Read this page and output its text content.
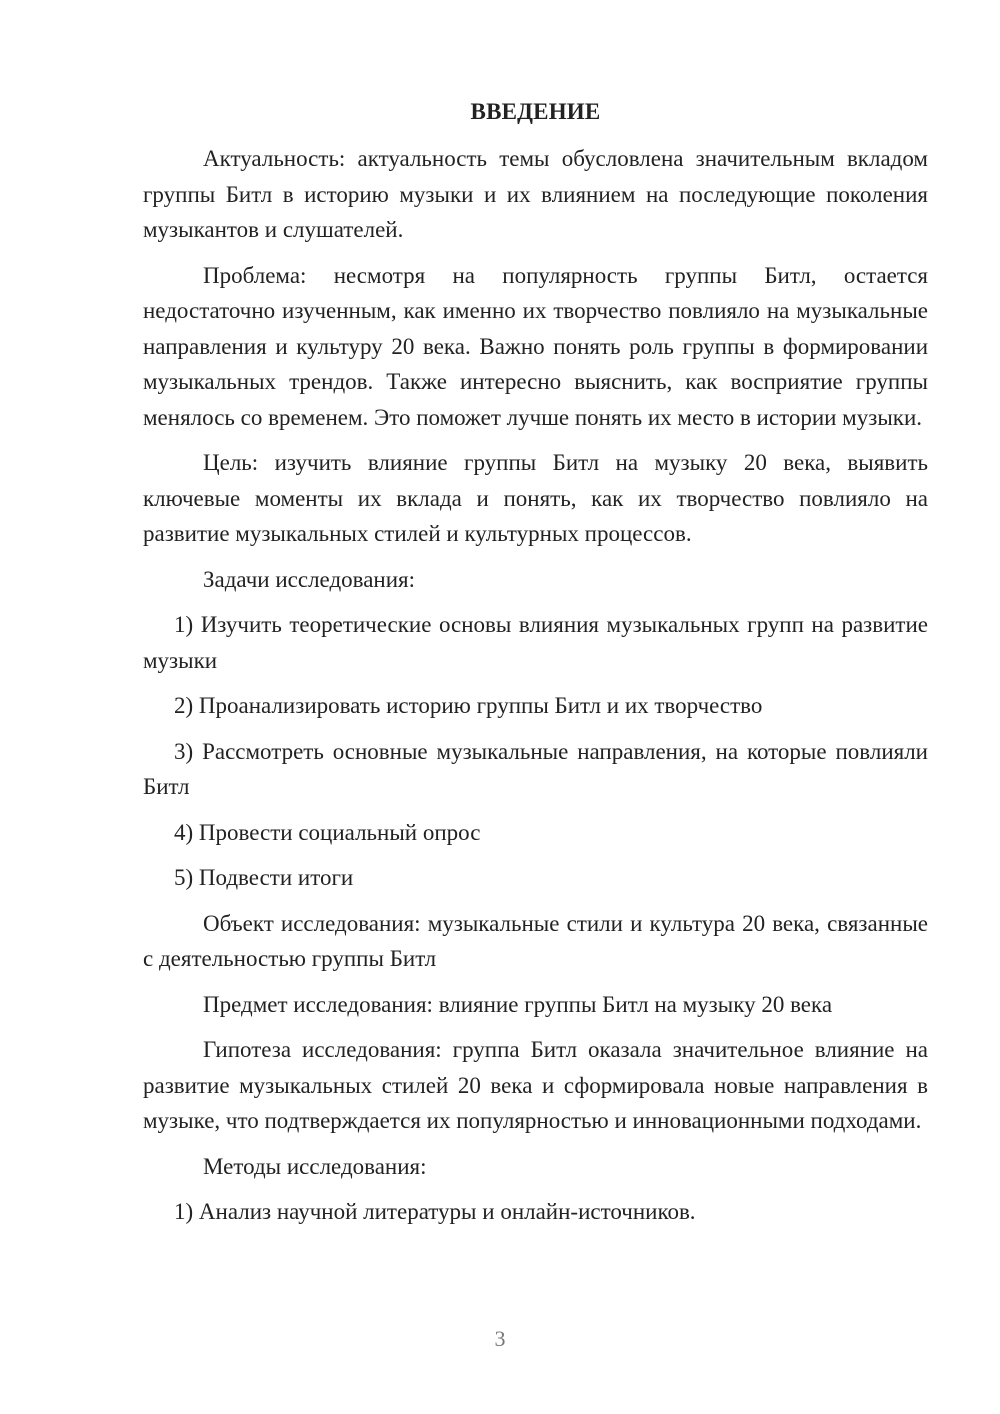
ВВЕДЕНИЕ

Актуальность: актуальность темы обусловлена значительным вкладом группы Битл в историю музыки и их влиянием на последующие поколения музыкантов и слушателей.

Проблема: несмотря на популярность группы Битл, остается недостаточно изученным, как именно их творчество повлияло на музыкальные направления и культуру 20 века. Важно понять роль группы в формировании музыкальных трендов. Также интересно выяснить, как восприятие группы менялось со временем. Это поможет лучше понять их место в истории музыки.

Цель: изучить влияние группы Битл на музыку 20 века, выявить ключевые моменты их вклада и понять, как их творчество повлияло на развитие музыкальных стилей и культурных процессов.

Задачи исследования:

1) Изучить теоретические основы влияния музыкальных групп на развитие музыки

2) Проанализировать историю группы Битл и их творчество

3) Рассмотреть основные музыкальные направления, на которые повлияли Битл

4) Провести социальный опрос

5) Подвести итоги

Объект исследования: музыкальные стили и культура 20 века, связанные с деятельностью группы Битл

Предмет исследования: влияние группы Битл на музыку 20 века

Гипотеза исследования: группа Битл оказала значительное влияние на развитие музыкальных стилей 20 века и сформировала новые направления в музыке, что подтверждается их популярностью и инновационными подходами.

Методы исследования:

1) Анализ научной литературы и онлайн-источников.

3
